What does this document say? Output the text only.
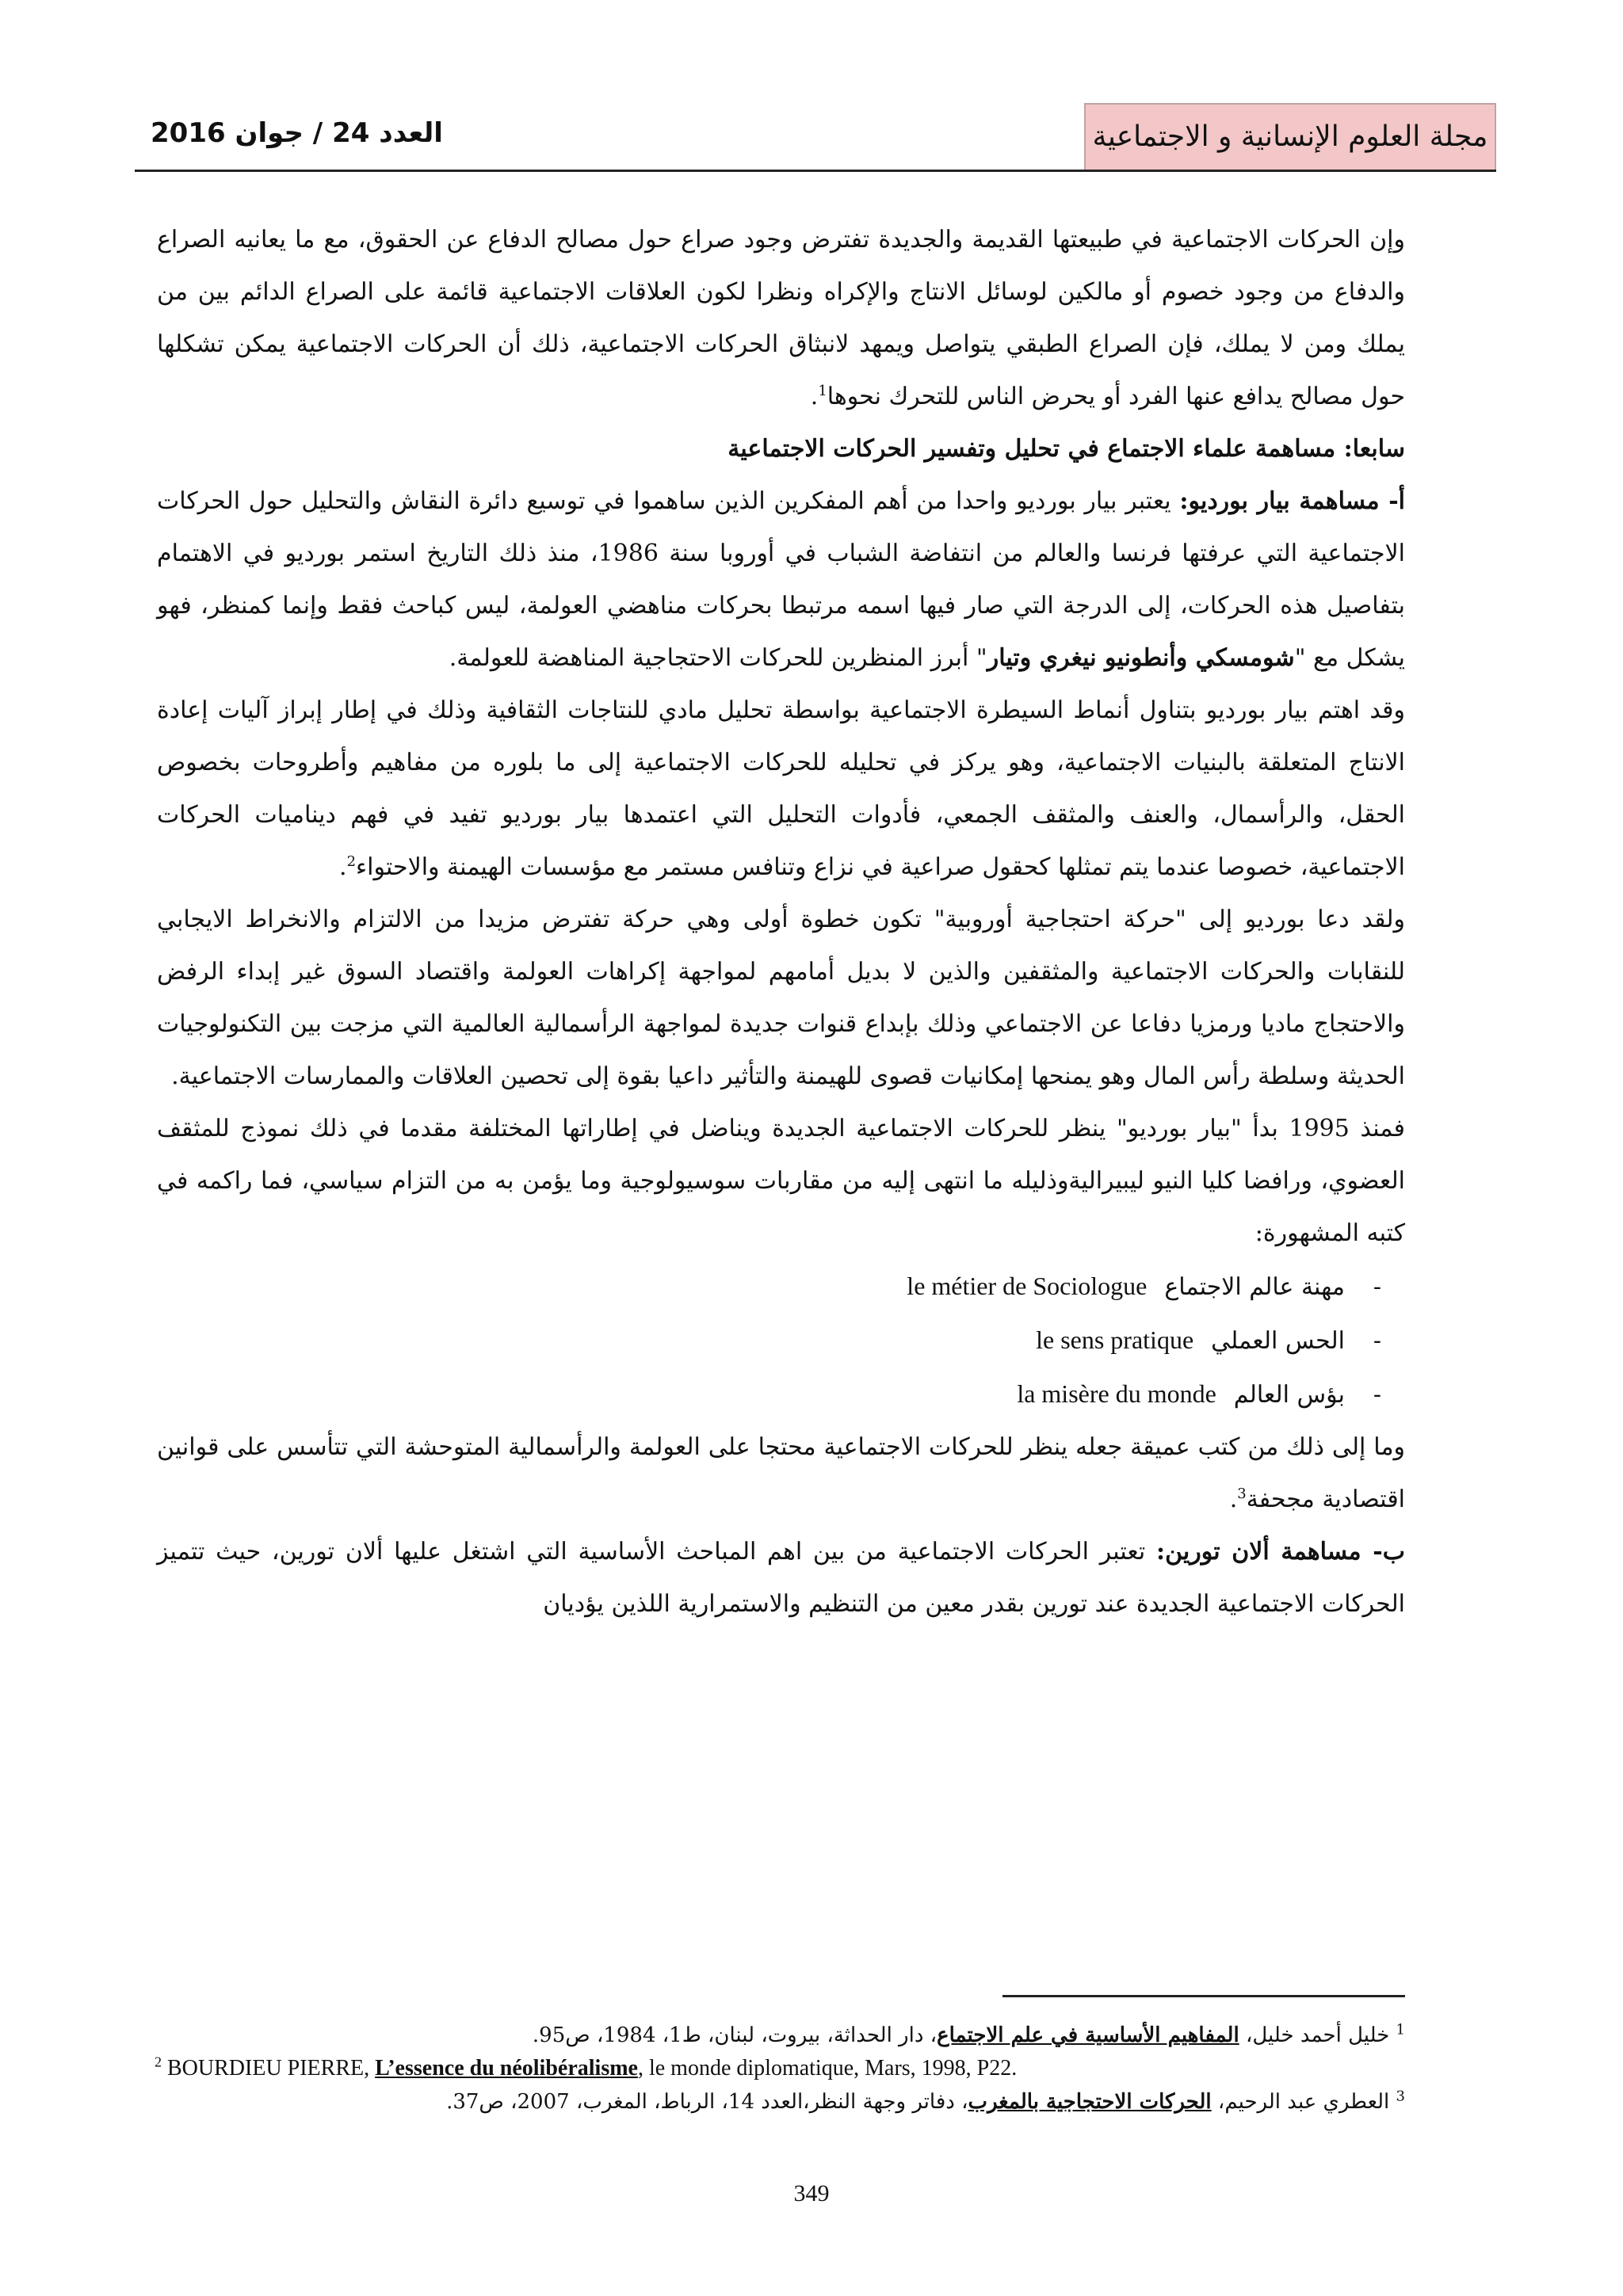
مجلة العلوم الإنسانية و الاجتماعية
العدد 24 / جوان 2016

وإن الحركات الاجتماعية في طبيعتها القديمة والجديدة تفترض وجود صراع حول مصالح الدفاع عن الحقوق، مع ما يعانيه الصراع والدفاع من وجود خصوم أو مالكين لوسائل الانتاج والإكراه ونظرا لكون العلاقات الاجتماعية قائمة على الصراع الدائم بين من يملك ومن لا يملك، فإن الصراع الطبقي يتواصل ويمهد لانبثاق الحركات الاجتماعية، ذلك أن الحركات الاجتماعية يمكن تشكلها حول مصالح يدافع عنها الفرد أو يحرض الناس للتحرك نحوها$^1$.

سابعا: مساهمة علماء الاجتماع في تحليل وتفسير الحركات الاجتماعية

أ- مساهمة بيار بورديو: يعتبر بيار بورديو واحدا من أهم المفكرين الذين ساهموا في توسيع دائرة النقاش والتحليل حول الحركات الاجتماعية التي عرفتها فرنسا والعالم من انتفاضة الشباب في أوروبا سنة 1986، منذ ذلك التاريخ استمر بورديو في الاهتمام بتفاصيل هذه الحركات، إلى الدرجة التي صار فيها اسمه مرتبطا بحركات مناهضي العولمة، ليس كباحث فقط وإنما كمنظر، فهو يشكل مع "شومسكي وأنطونيو نيغري وتيار" أبرز المنظرين للحركات الاحتجاجية المناهضة للعولمة.

وقد اهتم بيار بورديو بتناول أنماط السيطرة الاجتماعية بواسطة تحليل مادي للنتاجات الثقافية وذلك في إطار إبراز آليات إعادة الانتاج المتعلقة بالبنيات الاجتماعية، وهو يركز في تحليله للحركات الاجتماعية إلى ما بلوره من مفاهيم وأطروحات بخصوص الحقل، والرأسمال، والعنف والمثقف الجمعي، فأدوات التحليل التي اعتمدها بيار بورديو تفيد في فهم ديناميات الحركات الاجتماعية، خصوصا عندما يتم تمثلها كحقول صراعية في نزاع وتنافس مستمر مع مؤسسات الهيمنة والاحتواء$^2$.

ولقد دعا بورديو إلى "حركة احتجاجية أوروبية" تكون خطوة أولى وهي حركة تفترض مزيدا من الالتزام والانخراط الايجابي للنقابات والحركات الاجتماعية والمثقفين والذين لا بديل أمامهم لمواجهة إكراهات العولمة واقتصاد السوق غير إبداء الرفض والاحتجاج ماديا ورمزيا دفاعا عن الاجتماعي وذلك بإبداع قنوات جديدة لمواجهة الرأسمالية العالمية التي مزجت بين التكنولوجيات الحديثة وسلطة رأس المال وهو يمنحها إمكانيات قصوى للهيمنة والتأثير داعيا بقوة إلى تحصين العلاقات والممارسات الاجتماعية.

فمنذ 1995 بدأ "بيار بورديو" ينظر للحركات الاجتماعية الجديدة ويناضل في إطاراتها المختلفة مقدما في ذلك نموذج للمثقف العضوي، ورافضا كليا النيو ليبيراليةوذليله ما انتهى إليه من مقاربات سوسيولوجية وما يؤمن به من التزام سياسي، فما راكمه في كتبه المشهورة:

-
مهنة عالم الاجتماع
le métier de Sociologue
-
الحس العملي
le sens pratique
-
بؤس العالم
la misère du monde

وما إلى ذلك من كتب عميقة جعله ينظر للحركات الاجتماعية محتجا على العولمة والرأسمالية المتوحشة التي تتأسس على قوانين اقتصادية مجحفة$^3$.

ب- مساهمة ألان تورين: تعتبر الحركات الاجتماعية من بين اهم المباحث الأساسية التي اشتغل عليها ألان تورين، حيث تتميز الحركات الاجتماعية الجديدة عند تورين بقدر معين من التنظيم والاستمرارية اللذين يؤديان

$^1$ خليل أحمد خليل، المفاهيم الأساسية في علم الاجتماع، دار الحداثة، بيروت، لبنان، ط1، 1984، ص95.
$^2$ BOURDIEU PIERRE, L’essence du néolibéralisme, le monde diplomatique, Mars, 1998, P22.
$^3$ العطري عبد الرحيم، الحركات الاحتجاجية بالمغرب، دفاتر وجهة النظر،العدد 14، الرباط، المغرب، 2007، ص37.
349
